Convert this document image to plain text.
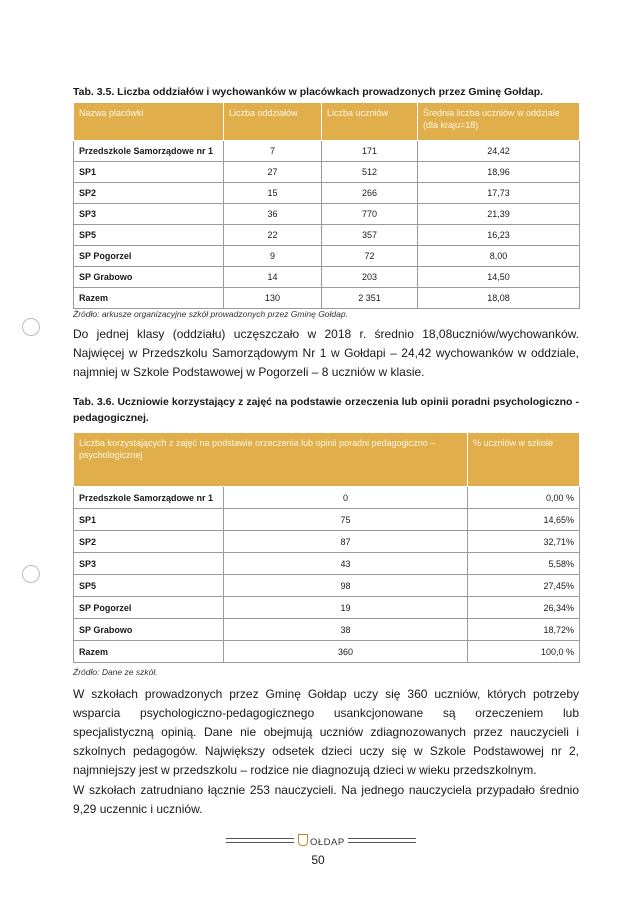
Tab. 3.5. Liczba oddziałów i wychowanków w placówkach prowadzonych przez Gminę Gołdap.
Nazwa placówki	Liczba oddziałów	Liczba uczniów	Średnia liczba uczniów w oddziale (dla kraju=18)
Przedszkole Samorządowe nr 1	7	171	24,42
SP1	27	512	18,96
SP2	15	266	17,73
SP3	36	770	21,39
SP5	22	357	16,23
SP Pogorzel	9	72	8,00
SP Grabowo	14	203	14,50
Razem	130	2 351	18,08
Źródło: arkusze organizacyjne szkół prowadzonych przez Gminę Gołdap.

Do jednej klasy (oddziału) uczęszczało w 2018 r. średnio 18,08uczniów/wychowanków. Najwięcej w Przedszkolu Samorządowym Nr 1 w Gołdapi – 24,42 wychowanków w oddziale, najmniej w Szkole Podstawowej w Pogorzeli – 8 uczniów w klasie.

Tab. 3.6. Uczniowie korzystający z zajęć na podstawie orzeczenia lub opinii poradni psychologiczno - pedagogicznej.
Liczba korzystających z zajęć na podstawie orzeczenia lub opinii poradni pedagogiczno – psychologicznej		% uczniów w szkole
Przedszkole Samorządowe nr 1	0	0,00 %
SP1	75	14,65%
SP2	87	32,71%
SP3	43	5,58%
SP5	98	27,45%
SP Pogorzel	19	26,34%
SP Grabowo	38	18,72%
Razem	360	100,0 %
Źródło: Dane ze szkół.

W szkołach prowadzonych przez Gminę Gołdap uczy się 360 uczniów, których potrzeby wsparcia psychologiczno-pedagogicznego usankcjonowane są orzeczeniem lub specjalistyczną opinią. Dane nie obejmują uczniów zdiagnozowanych przez nauczycieli i szkolnych pedagogów. Największy odsetek dzieci uczy się w Szkole Podstawowej nr 2, najmniejszy jest w przedszkolu – rodzice nie diagnozują dzieci w wieku przedszkolnym.

W szkołach zatrudniano łącznie 253 nauczycieli. Na jednego nauczyciela przypadało średnio 9,29 uczennic i uczniów.

OŁDAP
50
